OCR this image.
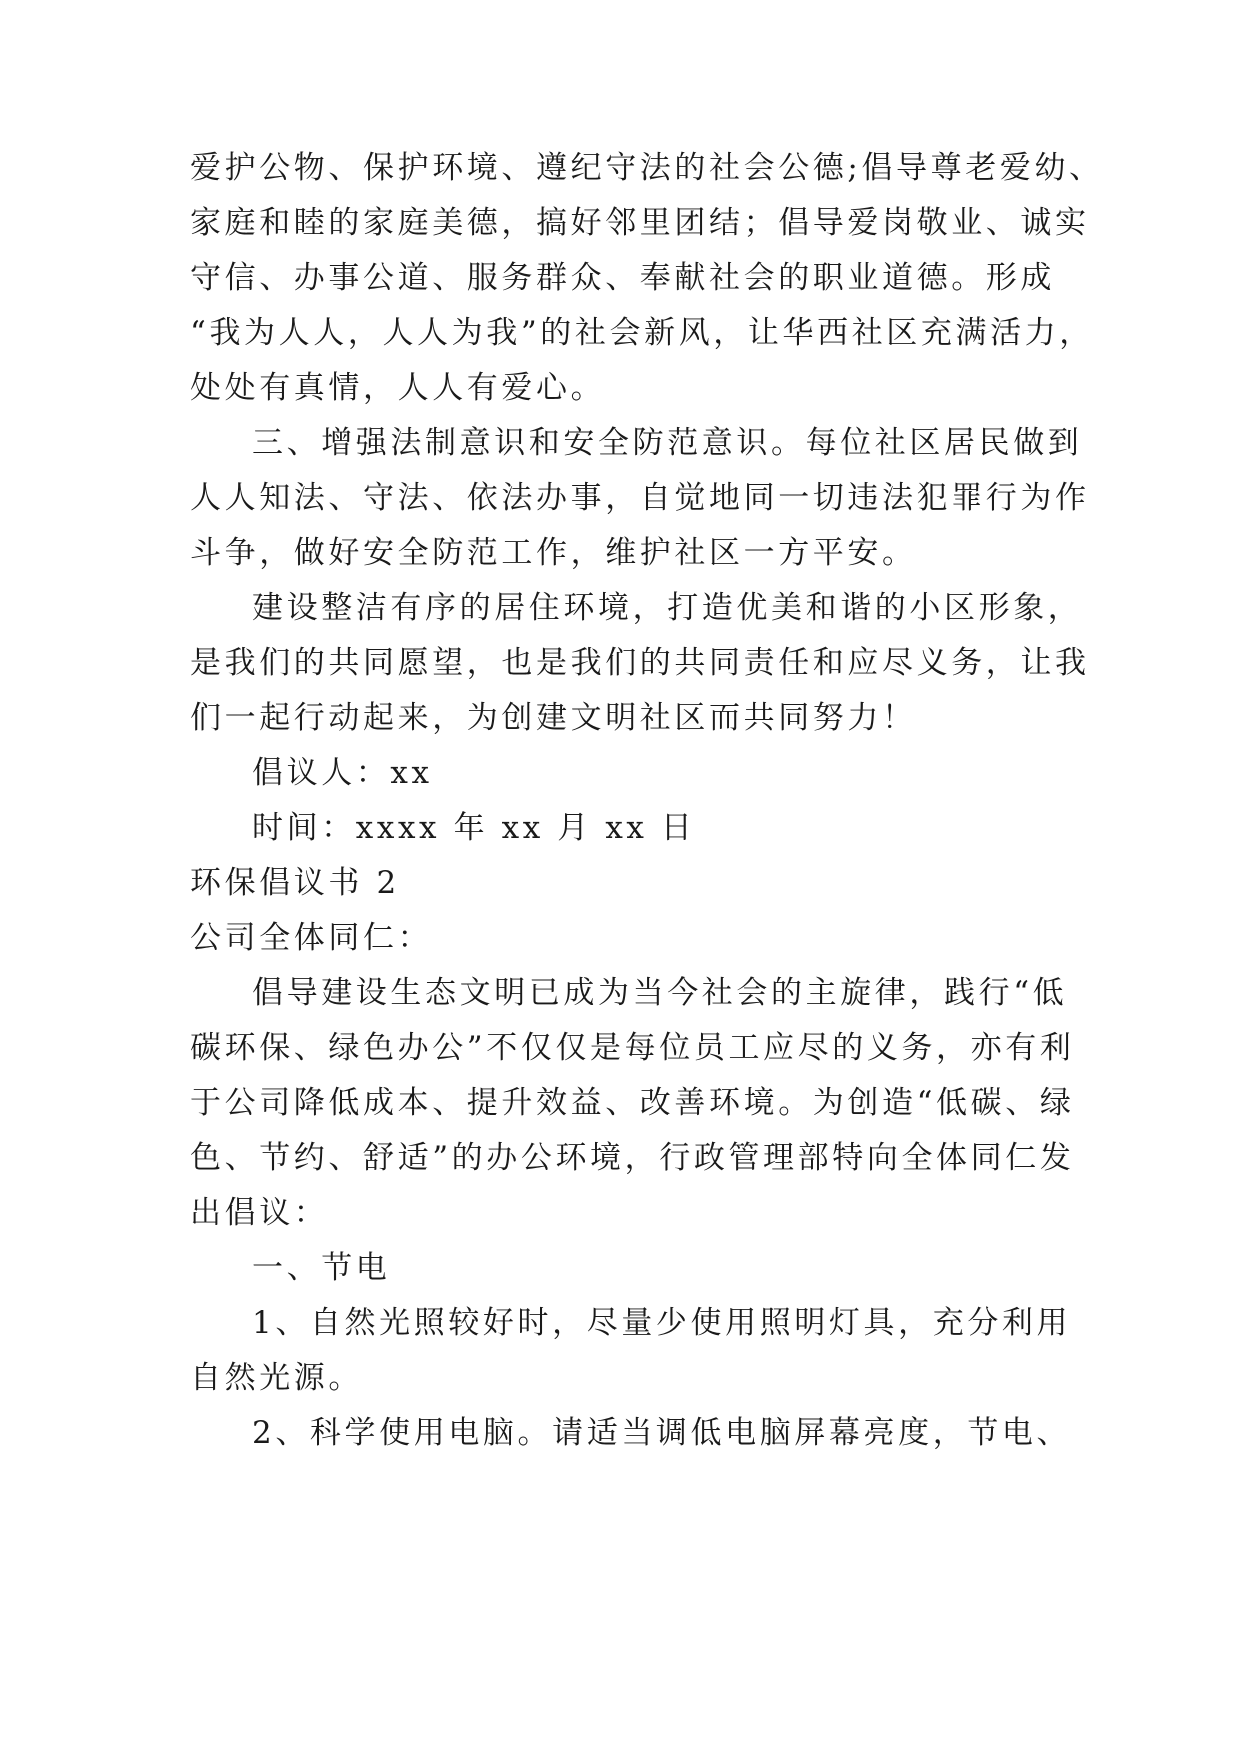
爱护公物、保护环境、遵纪守法的社会公德;倡导尊老爱幼、
家庭和睦的家庭美德，搞好邻里团结；倡导爱岗敬业、诚实
守信、办事公道、服务群众、奉献社会的职业道德。形成
“我为人人，人人为我”的社会新风，让华西社区充满活力，
处处有真情，人人有爱心。
三、增强法制意识和安全防范意识。每位社区居民做到
人人知法、守法、依法办事，自觉地同一切违法犯罪行为作
斗争，做好安全防范工作，维护社区一方平安。
建设整洁有序的居住环境，打造优美和谐的小区形象，
是我们的共同愿望，也是我们的共同责任和应尽义务，让我
们一起行动起来，为创建文明社区而共同努力！
倡议人：xx
时间：xxxx 年 xx 月 xx 日
环保倡议书 2
公司全体同仁：
倡导建设生态文明已成为当今社会的主旋律，践行“低
碳环保、绿色办公”不仅仅是每位员工应尽的义务，亦有利
于公司降低成本、提升效益、改善环境。为创造“低碳、绿
色、节约、舒适”的办公环境，行政管理部特向全体同仁发
出倡议：
一、节电
1、自然光照较好时，尽量少使用照明灯具，充分利用
自然光源。
2、科学使用电脑。请适当调低电脑屏幕亮度，节电、
